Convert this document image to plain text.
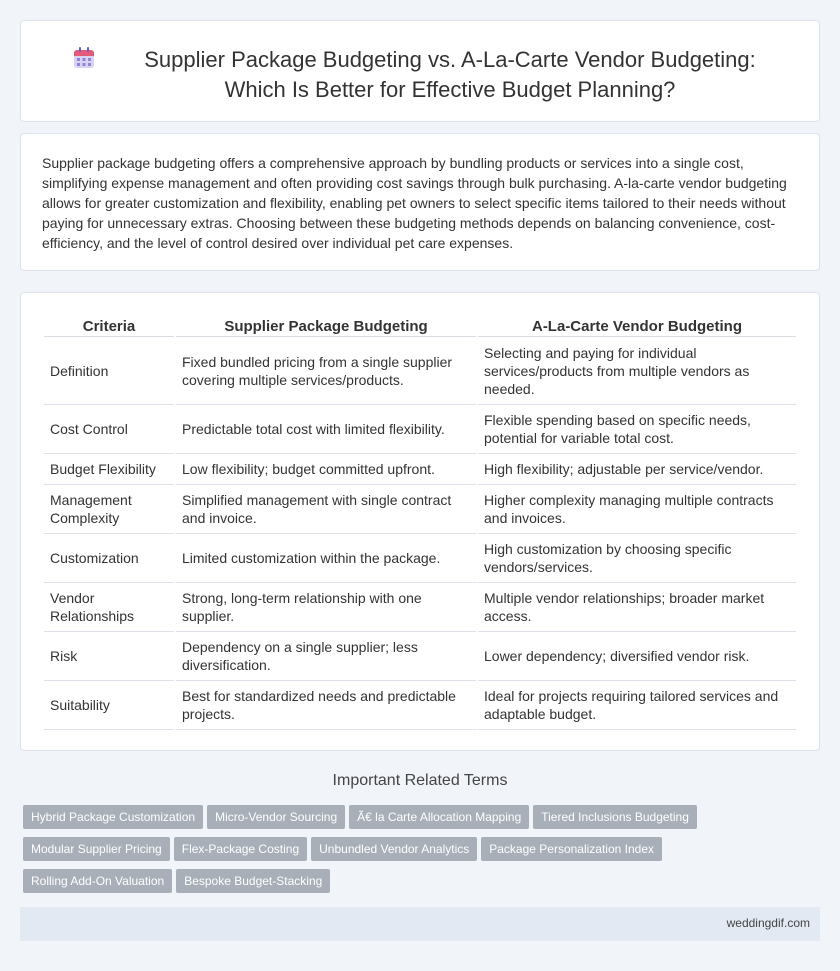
Supplier Package Budgeting vs. A-La-Carte Vendor Budgeting: Which Is Better for Effective Budget Planning?

Supplier package budgeting offers a comprehensive approach by bundling products or services into a single cost, simplifying expense management and often providing cost savings through bulk purchasing. A-la-carte vendor budgeting allows for greater customization and flexibility, enabling pet owners to select specific items tailored to their needs without paying for unnecessary extras. Choosing between these budgeting methods depends on balancing convenience, cost-efficiency, and the level of control desired over individual pet care expenses.

Criteria	Supplier Package Budgeting	A-La-Carte Vendor Budgeting
Definition	Fixed bundled pricing from a single supplier covering multiple services/products.	Selecting and paying for individual services/products from multiple vendors as needed.
Cost Control	Predictable total cost with limited flexibility.	Flexible spending based on specific needs, potential for variable total cost.
Budget Flexibility	Low flexibility; budget committed upfront.	High flexibility; adjustable per service/vendor.
Management Complexity	Simplified management with single contract and invoice.	Higher complexity managing multiple contracts and invoices.
Customization	Limited customization within the package.	High customization by choosing specific vendors/services.
Vendor Relationships	Strong, long-term relationship with one supplier.	Multiple vendor relationships; broader market access.
Risk	Dependency on a single supplier; less diversification.	Lower dependency; diversified vendor risk.
Suitability	Best for standardized needs and predictable projects.	Ideal for projects requiring tailored services and adaptable budget.
Important Related Terms
Hybrid Package Customization Micro-Vendor Sourcing Ã€ la Carte Allocation Mapping Tiered Inclusions Budgeting
Modular Supplier Pricing Flex-Package Costing Unbundled Vendor Analytics Package Personalization Index
Rolling Add-On Valuation Bespoke Budget-Stacking
weddingdif.com
